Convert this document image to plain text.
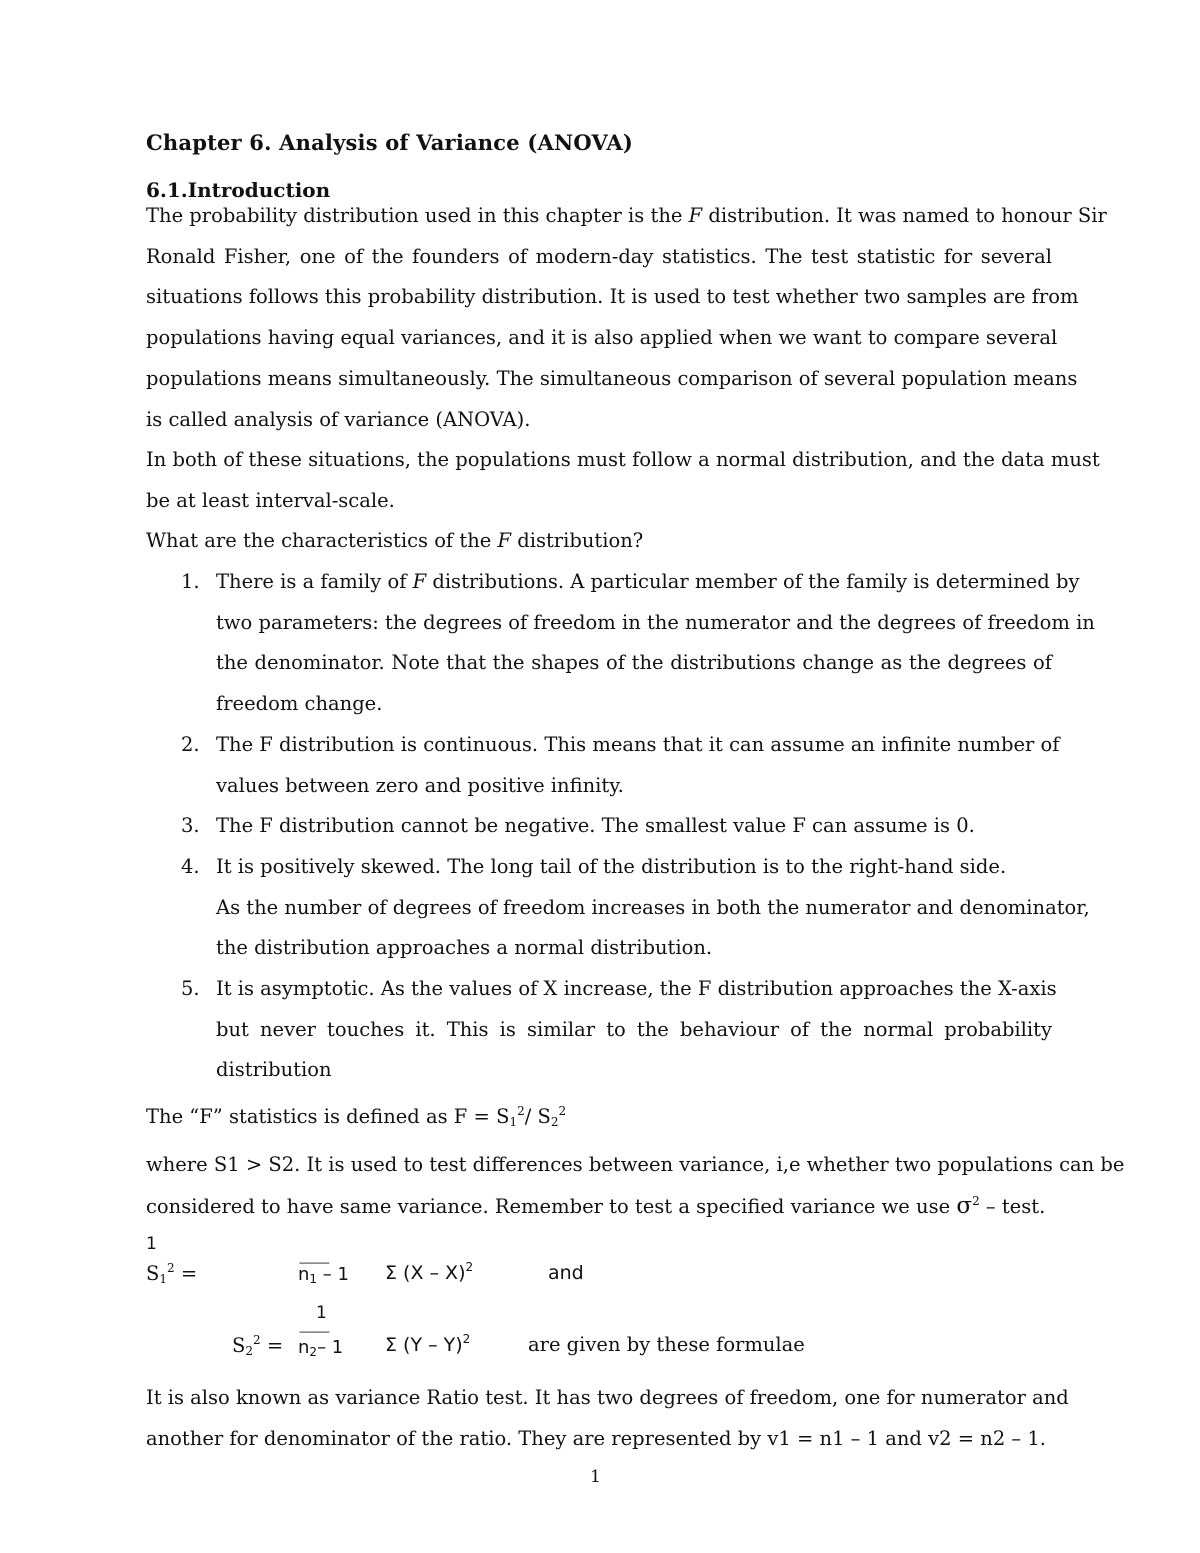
Chapter 6. Analysis of Variance (ANOVA)
6.1.Introduction
The probability distribution used in this chapter is the F distribution. It was named to honour Sir
Ronald Fisher, one of the founders of modern-day statistics. The test statistic for several
situations follows this probability distribution. It is used to test whether two samples are from
populations having equal variances, and it is also applied when we want to compare several
populations means simultaneously. The simultaneous comparison of several population means
is called analysis of variance (ANOVA).
In both of these situations, the populations must follow a normal distribution, and the data must
be at least interval-scale.
What are the characteristics of the F distribution?
1. There is a family of F distributions. A particular member of the family is determined by
two parameters: the degrees of freedom in the numerator and the degrees of freedom in
the denominator. Note that the shapes of the distributions change as the degrees of
freedom change.
2. The F distribution is continuous. This means that it can assume an infinite number of
values between zero and positive infinity.
3. The F distribution cannot be negative. The smallest value F can assume is 0.
4. It is positively skewed. The long tail of the distribution is to the right-hand side.
As the number of degrees of freedom increases in both the numerator and denominator,
the distribution approaches a normal distribution.
5. It is asymptotic. As the values of X increase, the F distribution approaches the X-axis
but never touches it. This is similar to the behaviour of the normal probability
distribution
The “F” statistics is defined as $F = S_1^2/$ $S_2^2$
where S1 > S2. It is used to test differences between variance, i,e whether two populations can be
considered to have same variance. Remember to test a specified variance we use $\sigma^2$ – test.
1
$S_1^2$ =	-----------
$n_1 - 1$ Σ (X – X)$^2$	and
1
$S_2^2$ =
-----------
$n_2-$ 1 Σ (Y – Y)$^2$	are given by these formulae
It is also known as variance Ratio test. It has two degrees of freedom, one for numerator and
another for denominator of the ratio. They are represented by v1 = n1 – 1 and v2 = n2 – 1.
1
